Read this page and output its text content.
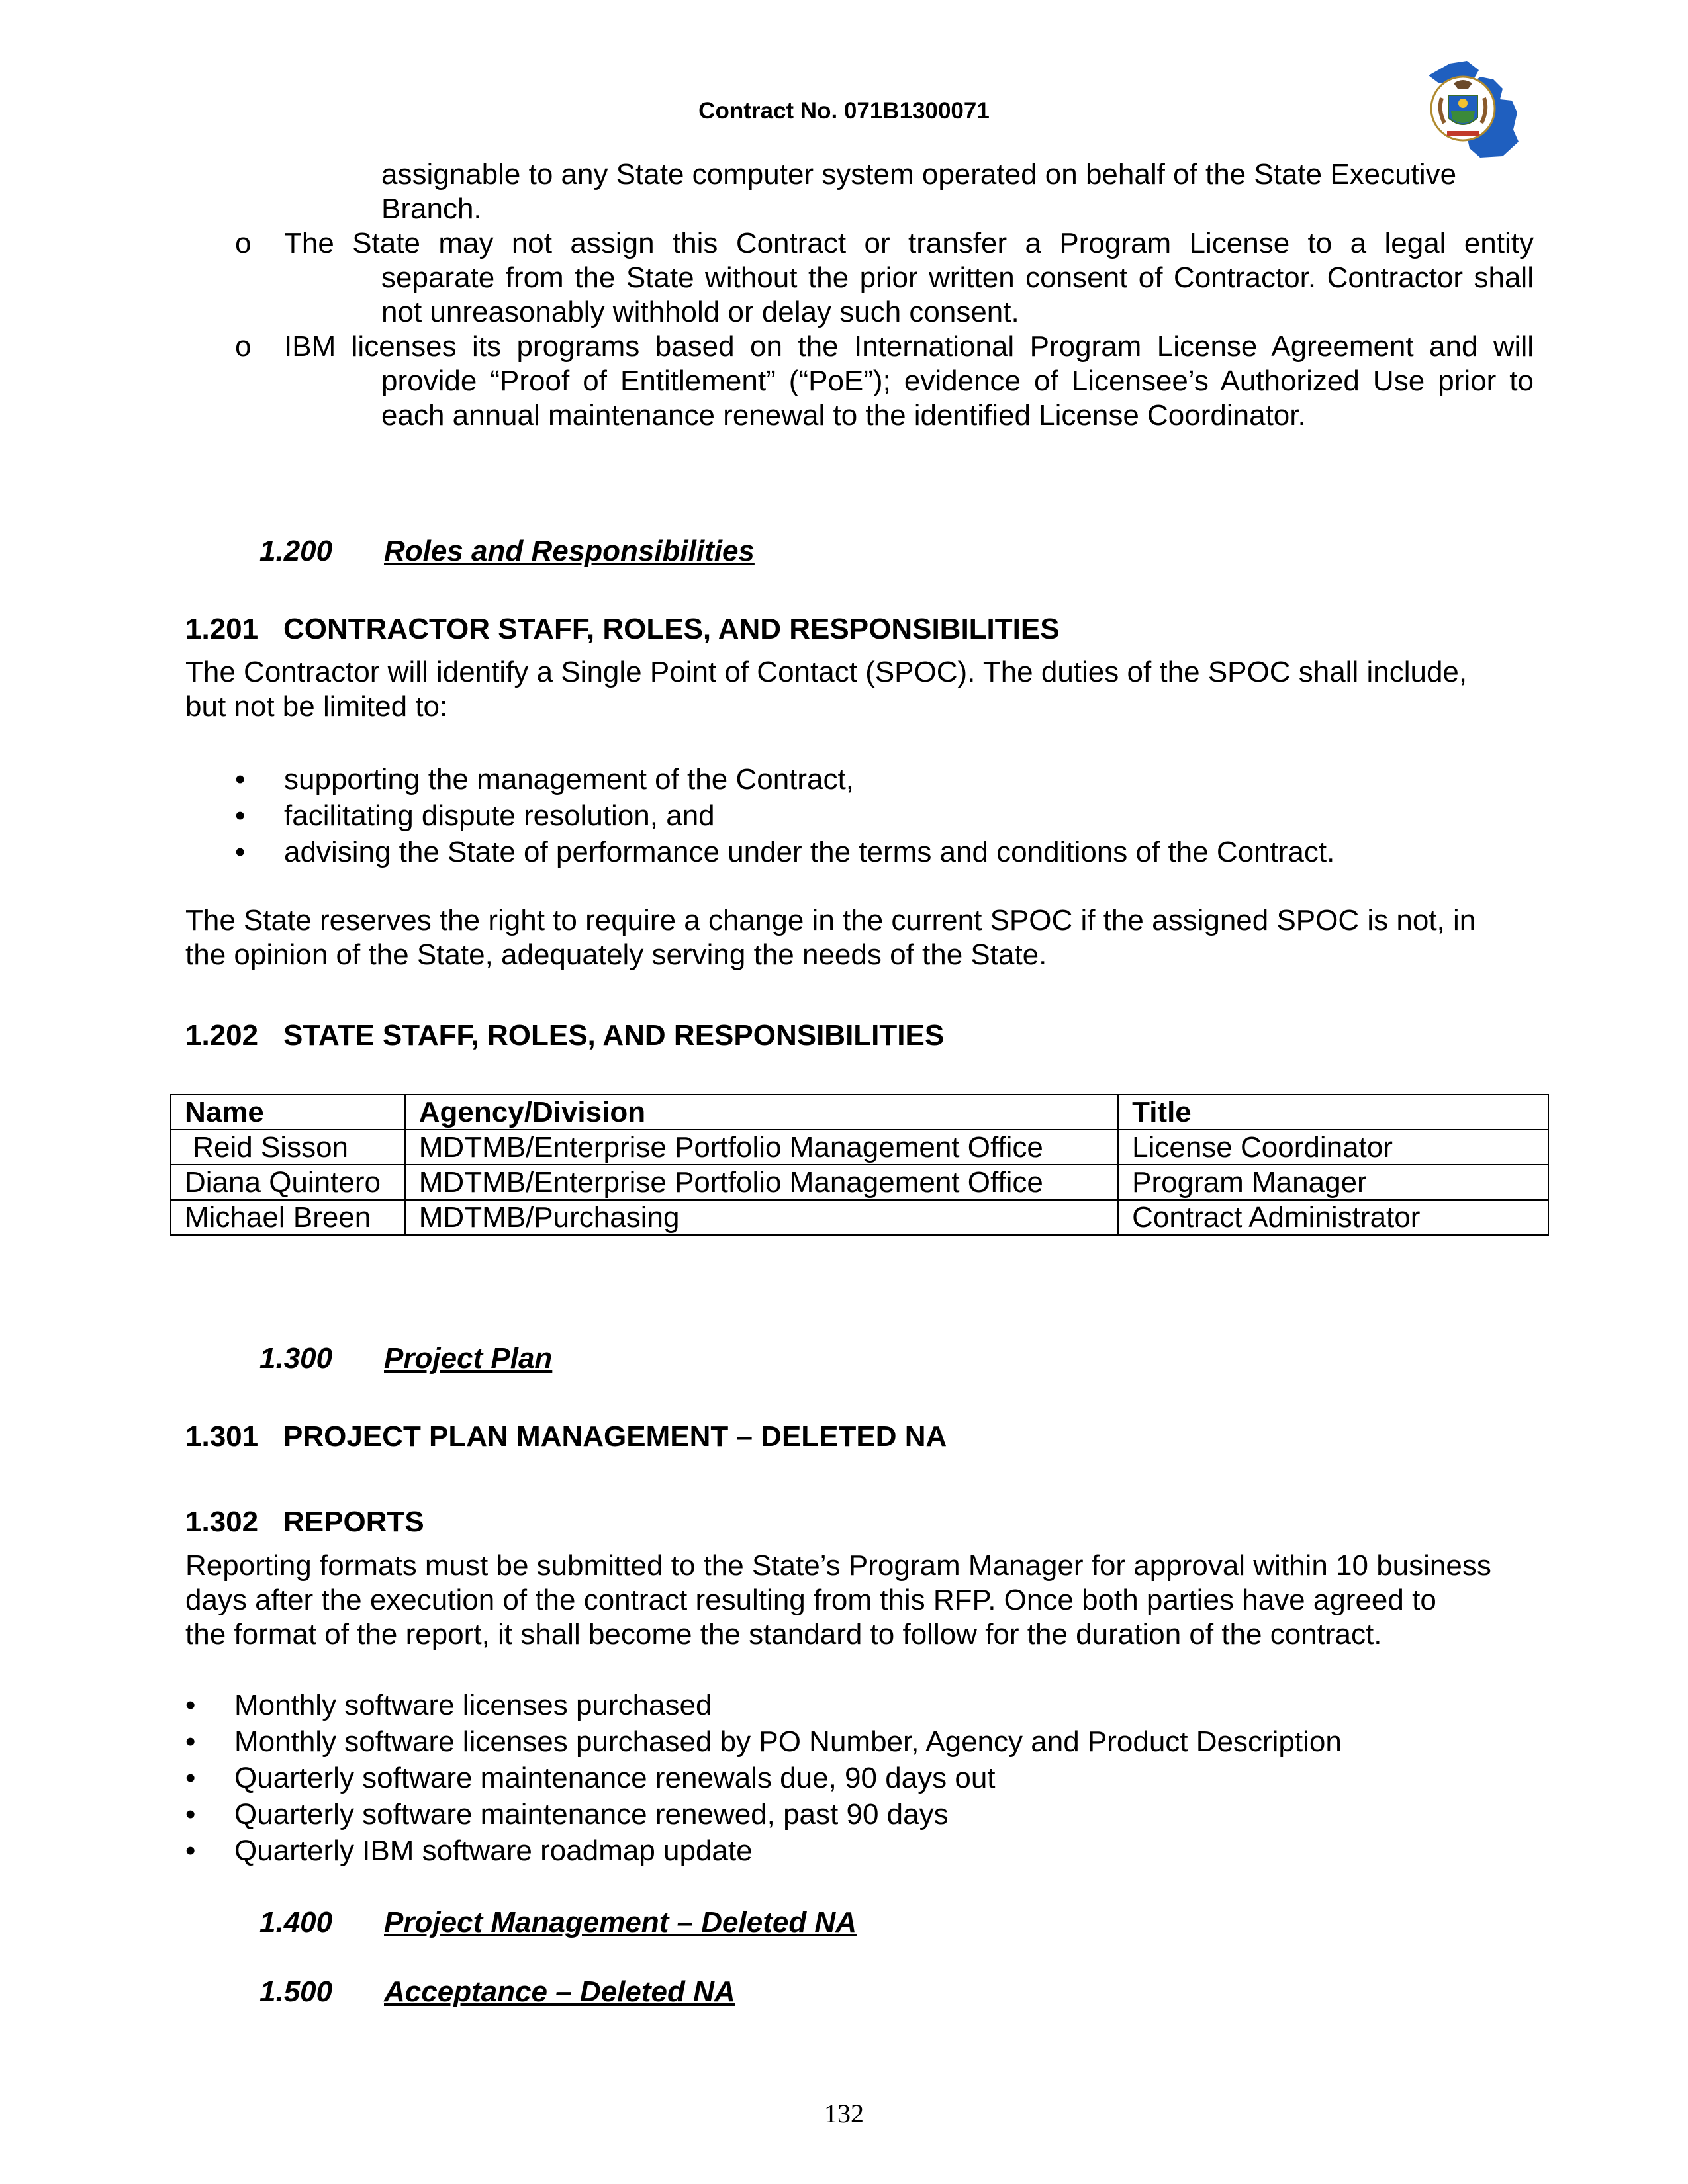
Contract No. 071B1300071
assignable to any State computer system operated on behalf of the State Executive
Branch.
o The State may not assign this Contract or transfer a Program License to a legal entity
separate from the State without the prior written consent of Contractor. Contractor shall not unreasonably withhold or delay such consent.
o IBM licenses its programs based on the International Program License Agreement and will
provide “Proof of Entitlement” (“PoE”); evidence of Licensee’s Authorized Use prior to each annual maintenance renewal to the identified License Coordinator.
1.200 Roles and Responsibilities
1.201 CONTRACTOR STAFF, ROLES, AND RESPONSIBILITIES
The Contractor will identify a Single Point of Contact (SPOC). The duties of the SPOC shall include,
but not be limited to:
• supporting the management of the Contract,
• facilitating dispute resolution, and
• advising the State of performance under the terms and conditions of the Contract.
The State reserves the right to require a change in the current SPOC if the assigned SPOC is not, in
the opinion of the State, adequately serving the needs of the State.
1.202 STATE STAFF, ROLES, AND RESPONSIBILITIES
Name	Agency/Division	Title
Reid Sisson	MDTMB/Enterprise Portfolio Management Office	License Coordinator
Diana Quintero	MDTMB/Enterprise Portfolio Management Office	Program Manager
Michael Breen	MDTMB/Purchasing	Contract Administrator
1.300 Project Plan
1.301 PROJECT PLAN MANAGEMENT – DELETED NA
1.302 REPORTS
Reporting formats must be submitted to the State’s Program Manager for approval within 10 business
days after the execution of the contract resulting from this RFP. Once both parties have agreed to
the format of the report, it shall become the standard to follow for the duration of the contract.
• Monthly software licenses purchased
• Monthly software licenses purchased by PO Number, Agency and Product Description
• Quarterly software maintenance renewals due, 90 days out
• Quarterly software maintenance renewed, past 90 days
• Quarterly IBM software roadmap update
1.400 Project Management – Deleted NA
1.500 Acceptance – Deleted NA
132
